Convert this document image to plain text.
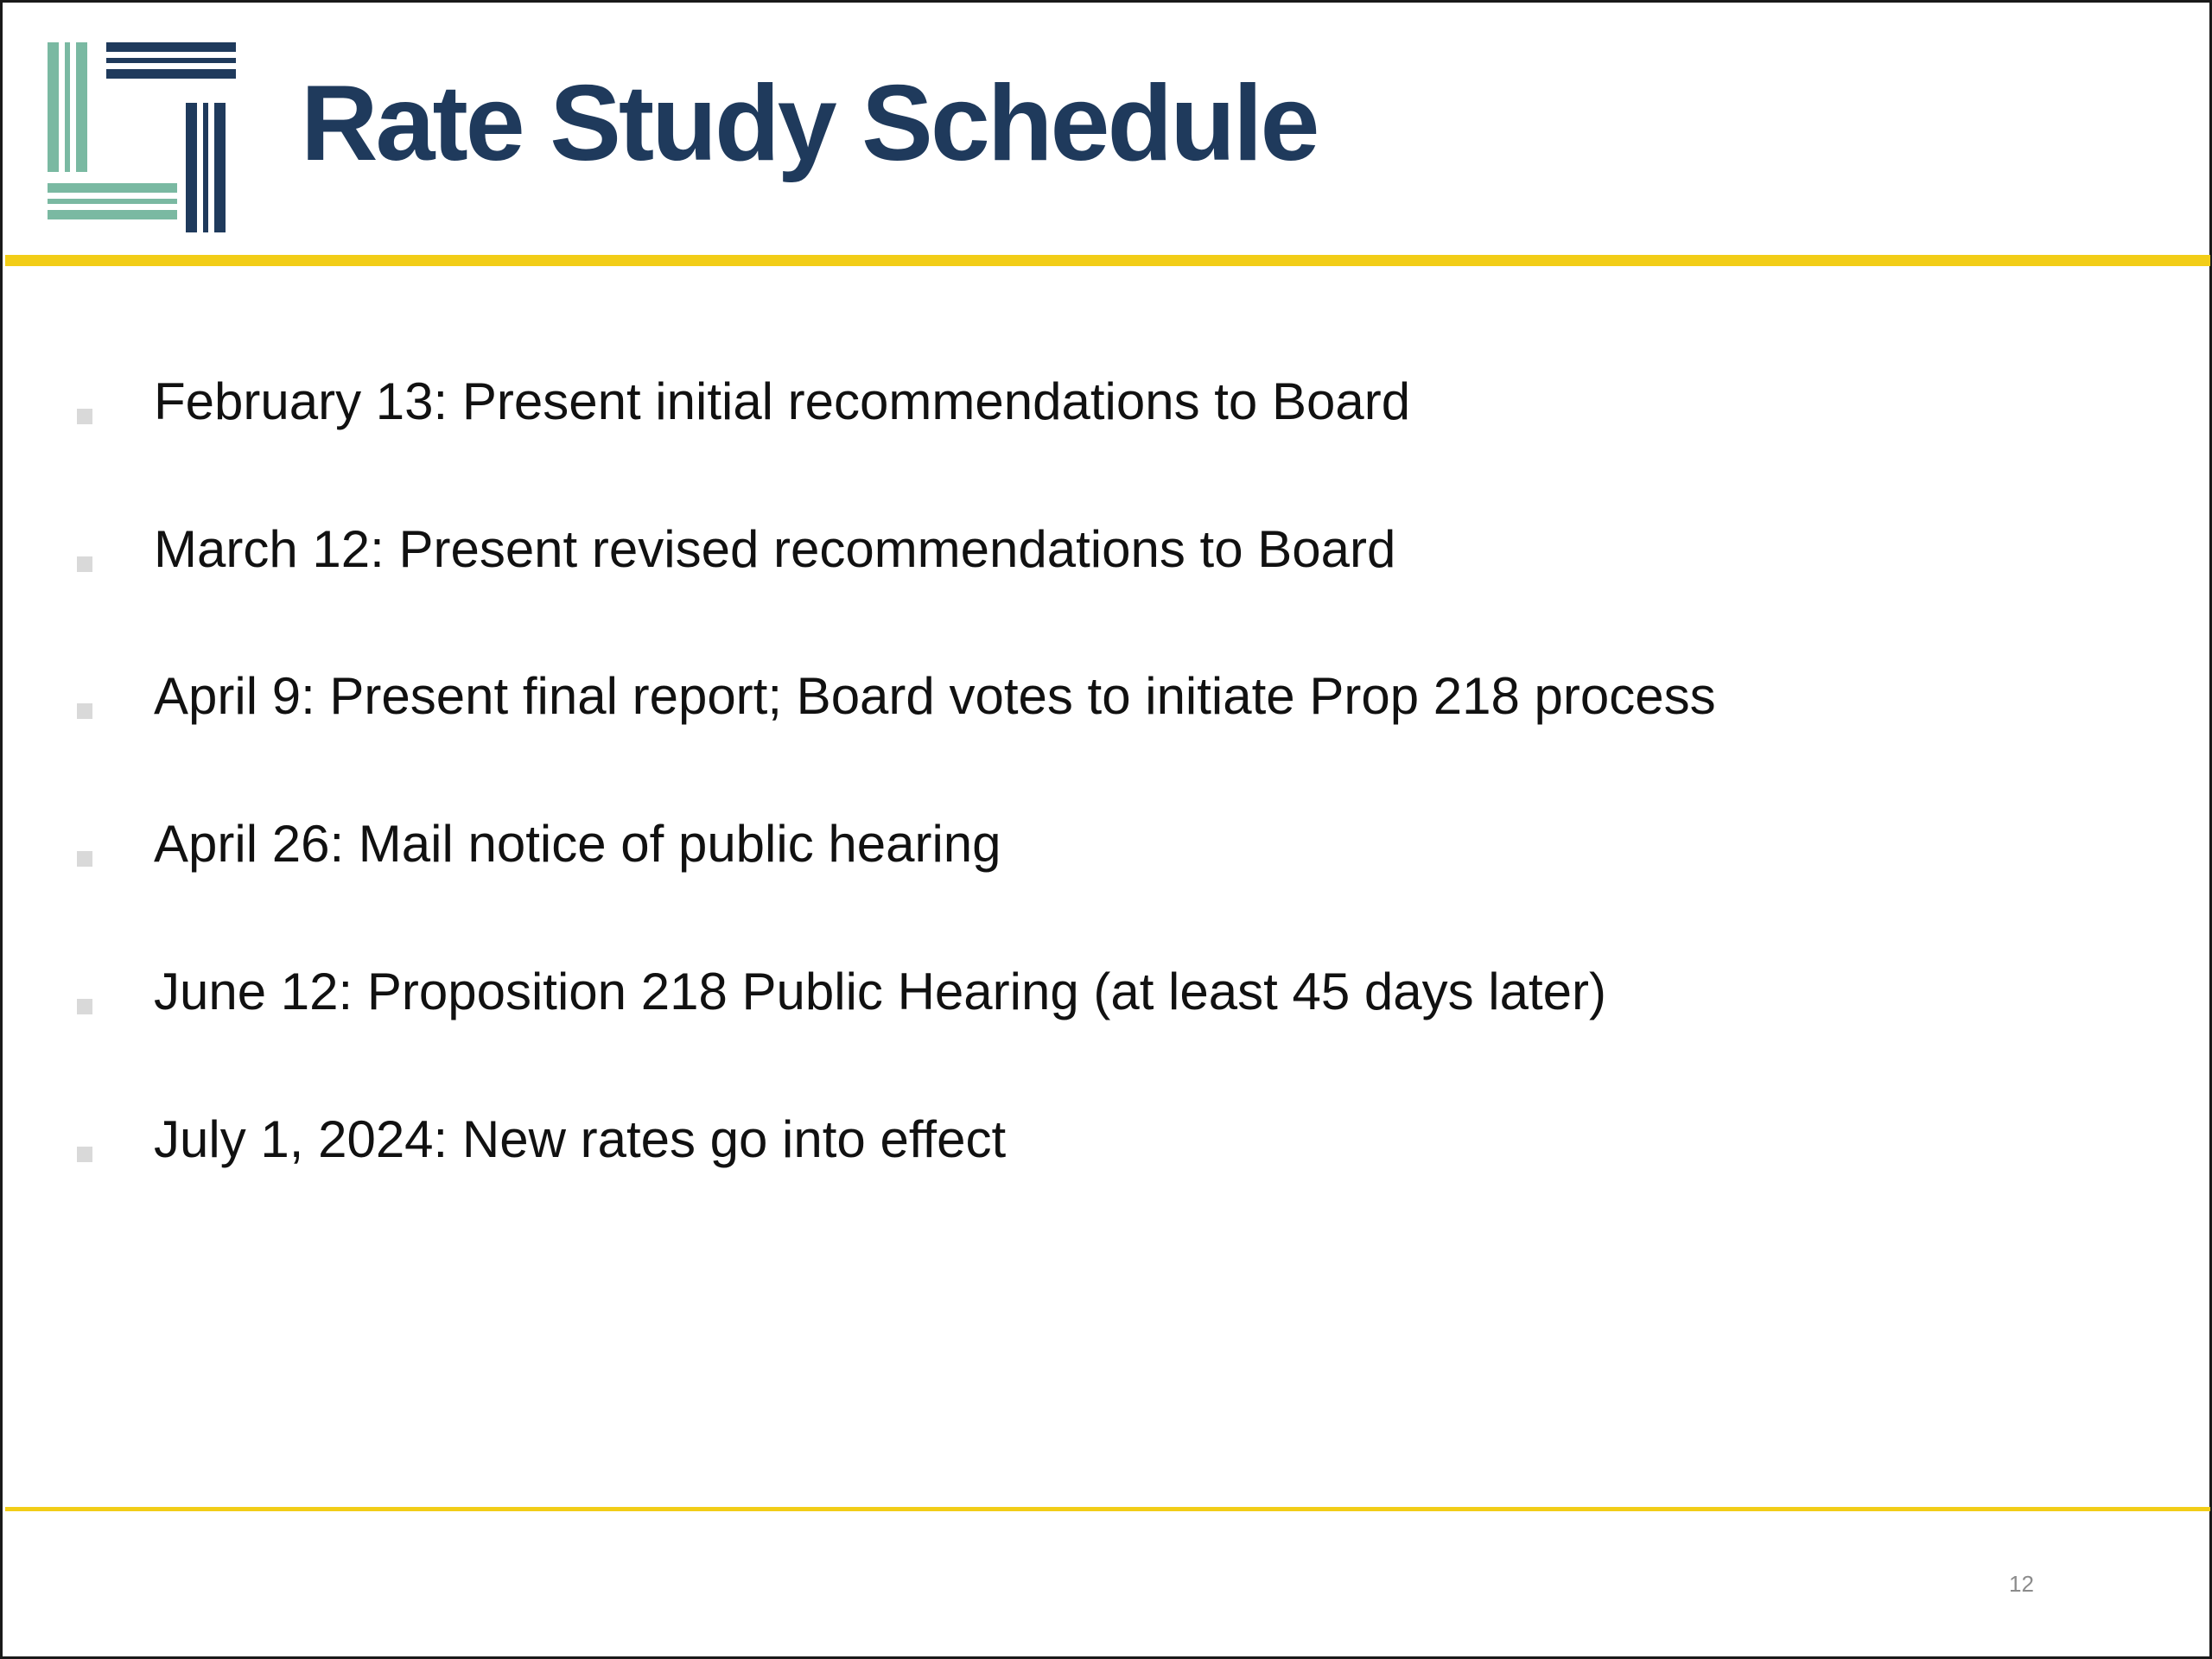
Rate Study Schedule
February 13: Present initial recommendations to Board
March 12: Present revised recommendations to Board
April 9: Present final report; Board votes to initiate Prop 218 process
April 26: Mail notice of public hearing
June 12: Proposition 218 Public Hearing (at least 45 days later)
July 1, 2024: New rates go into effect
12
